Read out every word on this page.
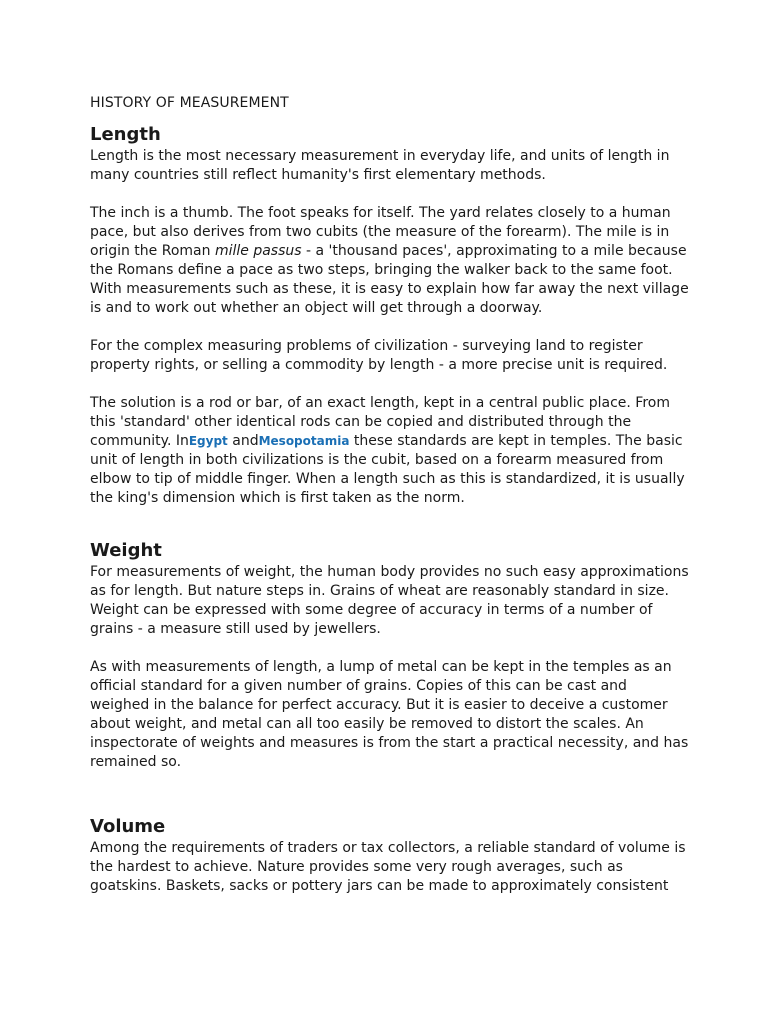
HISTORY OF MEASUREMENT
Length

Length is the most necessary measurement in everyday life, and units of length in many countries still reflect humanity's first elementary methods.

The inch is a thumb. The foot speaks for itself. The yard relates closely to a human pace, but also derives from two cubits (the measure of the forearm). The mile is in origin the Roman mille passus - a 'thousand paces', approximating to a mile because the Romans define a pace as two steps, bringing the walker back to the same foot. With measurements such as these, it is easy to explain how far away the next village is and to work out whether an object will get through a doorway.

For the complex measuring problems of civilization - surveying land to register property rights, or selling a commodity by length - a more precise unit is required.

The solution is a rod or bar, of an exact length, kept in a central public place. From this 'standard' other identical rods can be copied and distributed through the community. InEgypt andMesopotamia these standards are kept in temples. The basic unit of length in both civilizations is the cubit, based on a forearm measured from elbow to tip of middle finger. When a length such as this is standardized, it is usually the king's dimension which is first taken as the norm.

Weight

For measurements of weight, the human body provides no such easy approximations as for length. But nature steps in. Grains of wheat are reasonably standard in size. Weight can be expressed with some degree of accuracy in terms of a number of grains - a measure still used by jewellers.

As with measurements of length, a lump of metal can be kept in the temples as an official standard for a given number of grains. Copies of this can be cast and weighed in the balance for perfect accuracy. But it is easier to deceive a customer about weight, and metal can all too easily be removed to distort the scales. An inspectorate of weights and measures is from the start a practical necessity, and has remained so.

Volume

Among the requirements of traders or tax collectors, a reliable standard of volume is the hardest to achieve. Nature provides some very rough averages, such as goatskins. Baskets, sacks or pottery jars can be made to approximately consistent
